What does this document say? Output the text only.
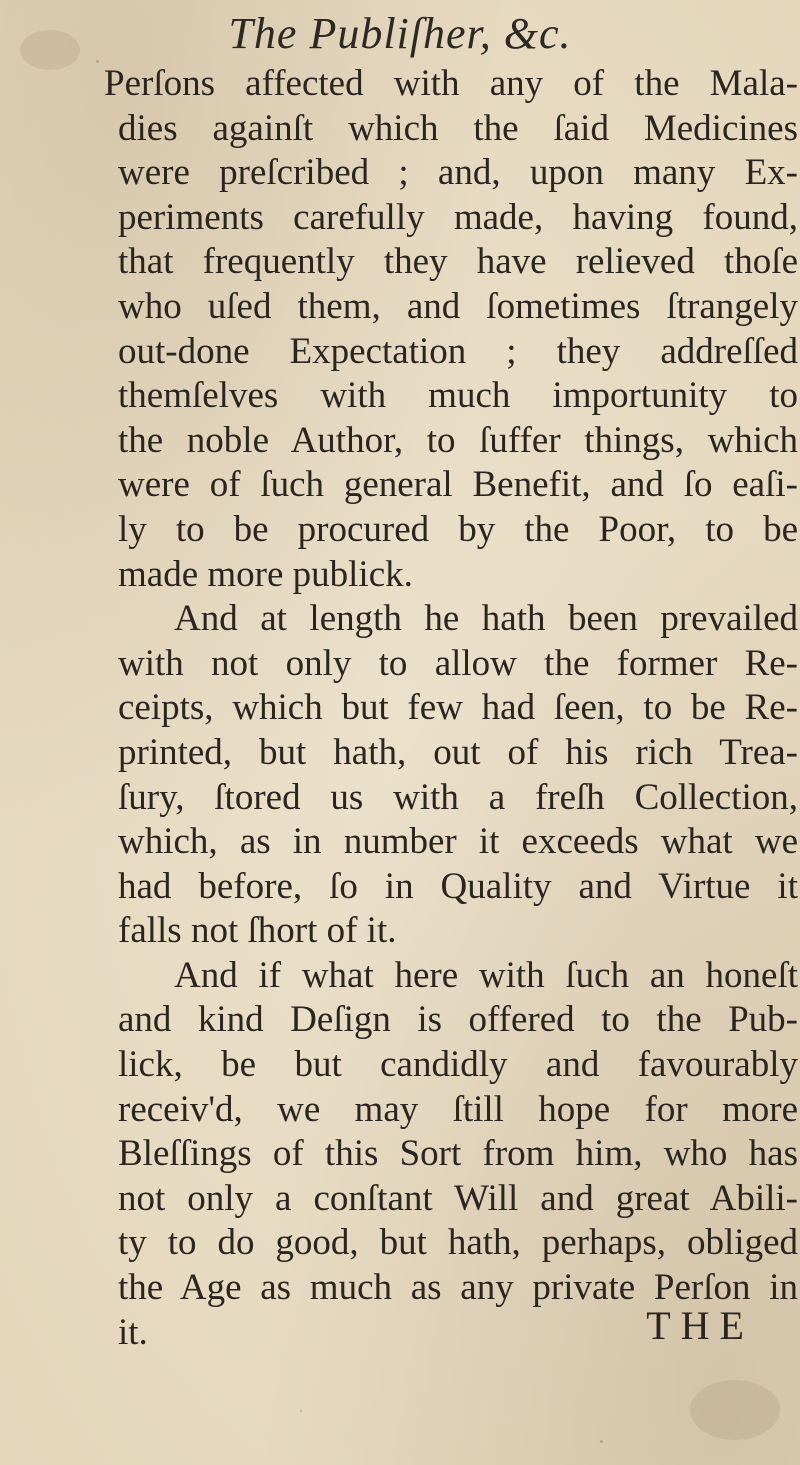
The Publiſher, &c.
Perſons affected with any of the Mala-
dies againſt which the ſaid Medicines
were preſcribed ; and, upon many Ex-
periments carefully made, having found,
that frequently they have relieved thoſe
who uſed them, and ſometimes ſtrangely
out-done Expectation ; they addreſſed
themſelves with much importunity to
the noble Author, to ſuffer things, which
were of ſuch general Benefit, and ſo eaſi-
ly to be procured by the Poor, to be
made more publick.
And at length he hath been prevailed
with not only to allow the former Re-
ceipts, which but few had ſeen, to be Re-
printed, but hath, out of his rich Trea-
ſury, ſtored us with a freſh Collection,
which, as in number it exceeds what we
had before, ſo in Quality and Virtue it
falls not ſhort of it.
And if what here with ſuch an honeſt
and kind Deſign is offered to the Pub-
lick, be but candidly and favourably
receiv'd, we may ſtill hope for more
Bleſſings of this Sort from him, who has
not only a conſtant Will and great Abili-
ty to do good, but hath, perhaps, obliged
the Age as much as any private Perſon in
it.	THE
